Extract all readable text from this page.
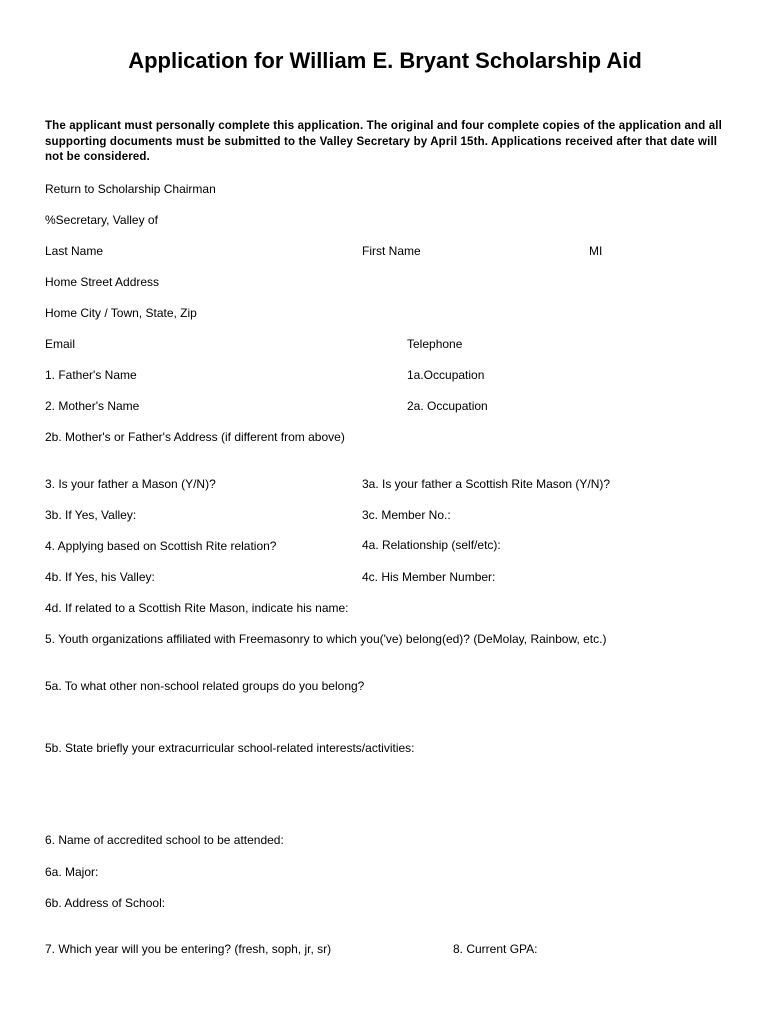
Application for William E. Bryant Scholarship Aid
The applicant must personally complete this application. The original and four complete copies of the application and all supporting documents must be submitted to the Valley Secretary by April 15th. Applications received after that date will not be considered.
Return to Scholarship Chairman
%Secretary, Valley of
Last Name	First Name	MI
Home Street Address
Home City / Town, State, Zip
Email	Telephone
1. Father's Name	1a.Occupation
2. Mother's Name	2a. Occupation
2b. Mother's or Father's Address (if different from above)
3. Is your father a Mason (Y/N)?	3a. Is your father a Scottish Rite Mason (Y/N)?
3b. If Yes, Valley:	3c. Member No.:
4. Applying based on Scottish Rite relation?	4a. Relationship (self/etc):
4b. If Yes, his Valley:	4c. His Member Number:
4d. If related to a Scottish Rite Mason, indicate his name:
5. Youth organizations affiliated with Freemasonry to which you('ve) belong(ed)? (DeMolay, Rainbow, etc.)
5a. To what other non-school related groups do you belong?
5b. State briefly your extracurricular school-related interests/activities:
6. Name of accredited school to be attended:
6a. Major:
6b. Address of School:
7. Which year will you be entering? (fresh, soph, jr, sr)	8. Current GPA:
